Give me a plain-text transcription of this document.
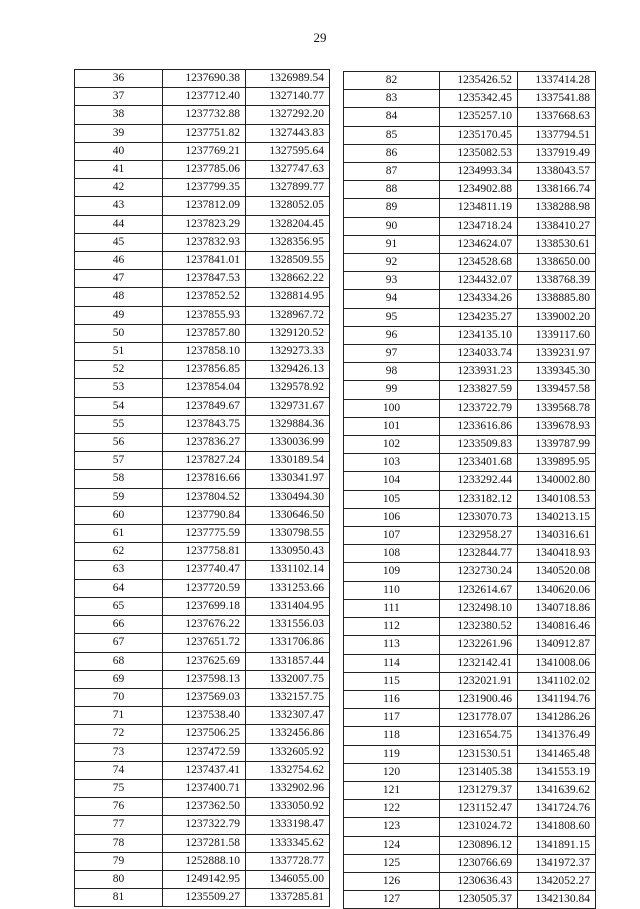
29
36	1237690.38	1326989.54
37	1237712.40	1327140.77
38	1237732.88	1327292.20
39	1237751.82	1327443.83
40	1237769.21	1327595.64
41	1237785.06	1327747.63
42	1237799.35	1327899.77
43	1237812.09	1328052.05
44	1237823.29	1328204.45
45	1237832.93	1328356.95
46	1237841.01	1328509.55
47	1237847.53	1328662.22
48	1237852.52	1328814.95
49	1237855.93	1328967.72
50	1237857.80	1329120.52
51	1237858.10	1329273.33
52	1237856.85	1329426.13
53	1237854.04	1329578.92
54	1237849.67	1329731.67
55	1237843.75	1329884.36
56	1237836.27	1330036.99
57	1237827.24	1330189.54
58	1237816.66	1330341.97
59	1237804.52	1330494.30
60	1237790.84	1330646.50
61	1237775.59	1330798.55
62	1237758.81	1330950.43
63	1237740.47	1331102.14
64	1237720.59	1331253.66
65	1237699.18	1331404.95
66	1237676.22	1331556.03
67	1237651.72	1331706.86
68	1237625.69	1331857.44
69	1237598.13	1332007.75
70	1237569.03	1332157.75
71	1237538.40	1332307.47
72	1237506.25	1332456.86
73	1237472.59	1332605.92
74	1237437.41	1332754.62
75	1237400.71	1332902.96
76	1237362.50	1333050.92
77	1237322.79	1333198.47
78	1237281.58	1333345.62
79	1252888.10	1337728.77
80	1249142.95	1346055.00
81	1235509.27	1337285.81
82	1235426.52	1337414.28
83	1235342.45	1337541.88
84	1235257.10	1337668.63
85	1235170.45	1337794.51
86	1235082.53	1337919.49
87	1234993.34	1338043.57
88	1234902.88	1338166.74
89	1234811.19	1338288.98
90	1234718.24	1338410.27
91	1234624.07	1338530.61
92	1234528.68	1338650.00
93	1234432.07	1338768.39
94	1234334.26	1338885.80
95	1234235.27	1339002.20
96	1234135.10	1339117.60
97	1234033.74	1339231.97
98	1233931.23	1339345.30
99	1233827.59	1339457.58
100	1233722.79	1339568.78
101	1233616.86	1339678.93
102	1233509.83	1339787.99
103	1233401.68	1339895.95
104	1233292.44	1340002.80
105	1233182.12	1340108.53
106	1233070.73	1340213.15
107	1232958.27	1340316.61
108	1232844.77	1340418.93
109	1232730.24	1340520.08
110	1232614.67	1340620.06
111	1232498.10	1340718.86
112	1232380.52	1340816.46
113	1232261.96	1340912.87
114	1232142.41	1341008.06
115	1232021.91	1341102.02
116	1231900.46	1341194.76
117	1231778.07	1341286.26
118	1231654.75	1341376.49
119	1231530.51	1341465.48
120	1231405.38	1341553.19
121	1231279.37	1341639.62
122	1231152.47	1341724.76
123	1231024.72	1341808.60
124	1230896.12	1341891.15
125	1230766.69	1341972.37
126	1230636.43	1342052.27
127	1230505.37	1342130.84
